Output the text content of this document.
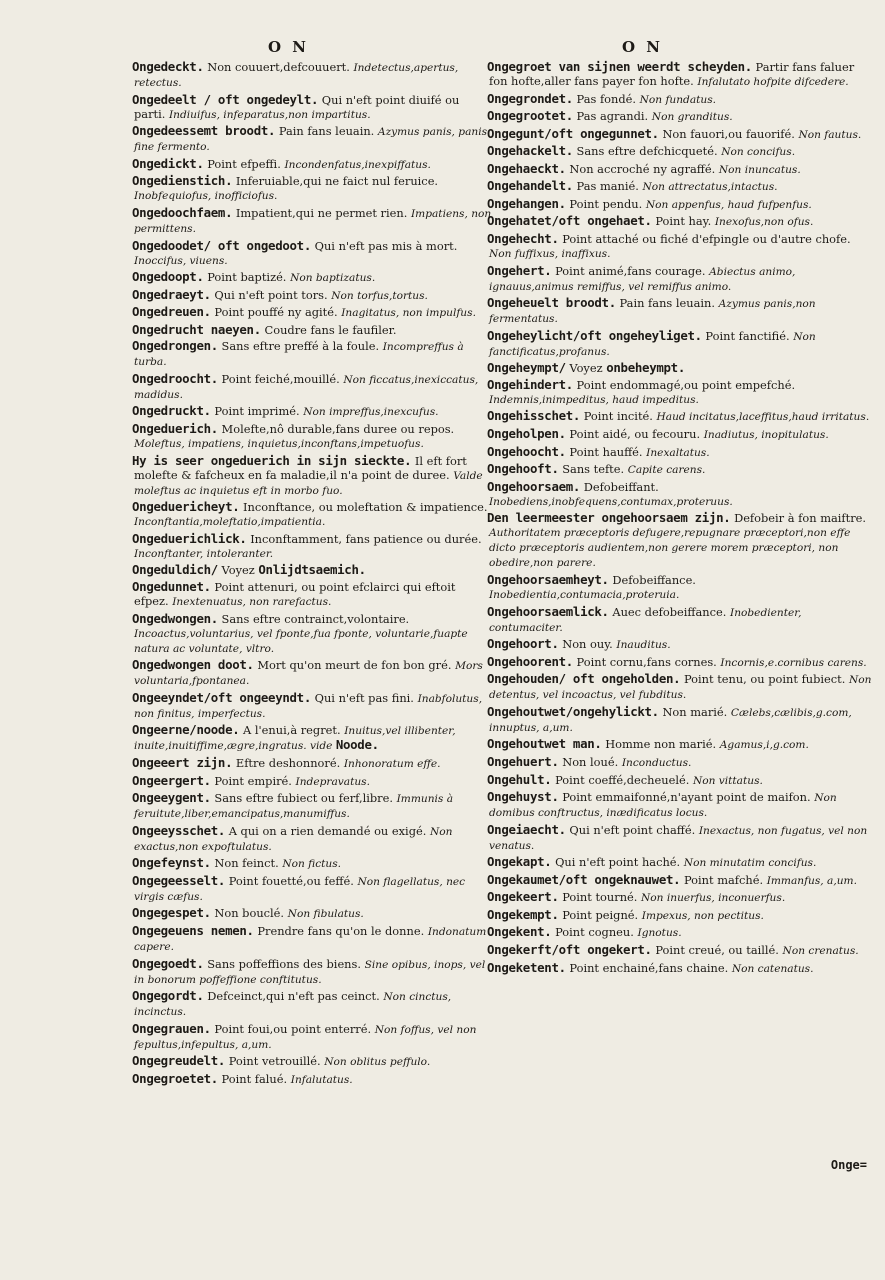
O N	O N

Ongedeckt. Non couuert,defcouuert. Indetectus,apertus, retectus.

Ongedeelt / oft ongedeylt. Qui n'eft point diuifé ou parti. Indiuifus, infeparatus,non impartitus.

Ongedeessemt broodt. Pain fans leuain. Azymus panis, panis fine fermento.

Ongedickt. Point efpeffi. Incondenfatus,inexpiffatus.

Ongedienstich. Inferuiable,qui ne faict nul feruice. Inobfequiofus, inofficiofus.

Ongedoochfaem. Impatient,qui ne permet rien. Impatiens, non permittens.

Ongedoodet/ oft ongedoot. Qui n'eft pas mis à mort. Inoccifus, viuens.

Ongedoopt. Point baptizé. Non baptizatus.

Ongedraeyt. Qui n'eft point tors. Non torfus,tortus.

Ongedreuen. Point pouffé ny agité. Inagitatus, non impulfus.

Ongedrucht naeyen. Coudre fans le faufiler.

Ongedrongen. Sans eftre preffé à la foule. Incompreffus à turba.

Ongedroocht. Point feiché,mouillé. Non ficcatus,inexiccatus, madidus.

Ongedruckt. Point imprimé. Non impreffus,inexcufus.

Ongeduerich. Molefte,nô durable,fans duree ou repos. Moleftus, impatiens, inquietus,inconftans,impetuofus.

Hy is seer ongeduerich in sijn sieckte. Il eft fort molefte & fafcheux en fa maladie,il n'a point de duree. Valde moleftus ac inquietus eft in morbo fuo.

Ongeduericheyt. Inconftance, ou moleftation & impatience. Inconftantia,moleftatio,impatientia.

Ongeduerichlick. Inconftamment, fans patience ou durée. Inconftanter, intoleranter.

Ongeduldich/ Voyez Onlijdtsaemich.

Ongedunnet. Point attenuri, ou point efclairci qui eftoit efpez. Inextenuatus, non rarefactus.

Ongedwongen. Sans eftre contrainct,volontaire. Incoactus,voluntarius, vel fponte,fua fponte, voluntarie,fuapte natura ac voluntate, vltro.

Ongedwongen doot. Mort qu'on meurt de fon bon gré. Mors voluntaria,fpontanea.

Ongeeyndet/oft ongeeyndt. Qui n'eft pas fini. Inabfolutus, non finitus, imperfectus.

Ongeerne/noode. A l'enui,à regret. Inuitus,vel illibenter, inuite,inuitiffime,ægre,ingratus. vide Noode.

Ongeeert zijn. Eftre deshonnoré. Inhonoratum effe.

Ongeergert. Point empiré. Indepravatus.

Ongeeygent. Sans eftre fubiect ou ferf,libre. Immunis à feruitute,liber,emancipatus,manumiffus.

Ongeeysschet. A qui on a rien demandé ou exigé. Non exactus,non expoftulatus.

Ongefeynst. Non feinct. Non fictus.

Ongegeesselt. Point fouetté,ou feffé. Non flagellatus, nec virgis cæfus.

Ongegespet. Non bouclé. Non fibulatus.

Ongegeuens nemen. Prendre fans qu'on le donne. Indonatum capere.

Ongegoedt. Sans poffeffions des biens. Sine opibus, inops, vel in bonorum poffeffione conftitutus.

Ongegordt. Defceinct,qui n'eft pas ceinct. Non cinctus, incinctus.

Ongegrauen. Point foui,ou point enterré. Non foffus, vel non fepultus,infepultus, a,um.

Ongegreudelt. Point vetrouillé. Non oblitus peffulo.

Ongegroetet. Point falué. Infalutatus.

Ongegroet van sijnen weerdt scheyden. Partir fans faluer fon hofte,aller fans payer fon hofte. Infalutato hofpite difcedere.

Ongegrondet. Pas fondé. Non fundatus.

Ongegrootet. Pas agrandi. Non granditus.

Ongegunt/oft ongegunnet. Non fauori,ou fauorifé. Non fautus.

Ongehackelt. Sans eftre defchicqueté. Non concifus.

Ongehaeckt. Non accroché ny agraffé. Non inuncatus.

Ongehandelt. Pas manié. Non attrectatus,intactus.

Ongehangen. Point pendu. Non appenfus, haud fufpenfus.

Ongehatet/oft ongehaet. Point hay. Inexofus,non ofus.

Ongehecht. Point attaché ou fiché d'efpingle ou d'autre chofe. Non fuffixus, inaffixus.

Ongehert. Point animé,fans courage. Abiectus animo, ignauus,animus remiffus, vel remiffus animo.

Ongeheuelt broodt. Pain fans leuain. Azymus panis,non fermentatus.

Ongeheylicht/oft ongeheyliget. Point fanctifié. Non fanctificatus,profanus.

Ongeheympt/ Voyez onbeheympt.

Ongehindert. Point endommagé,ou point empefché. Indemnis,inimpeditus, haud impeditus.

Ongehisschet. Point incité. Haud incitatus,laceffitus,haud irritatus.

Ongeholpen. Point aidé, ou fecouru. Inadiutus, inopitulatus.

Ongehoocht. Point hauffé. Inexaltatus.

Ongehooft. Sans tefte. Capite carens.

Ongehoorsaem. Defobeiffant. Inobediens,inobfequens,contumax,proteruus.

Den leermeester ongehoorsaem zijn. Defobeir à fon maiftre. Authoritatem præceptoris defugere,repugnare præceptori,non effe dicto præceptoris audientem,non gerere morem præceptori, non obedire,non parere.

Ongehoorsaemheyt. Defobeiffance. Inobedientia,contumacia,proteruia.

Ongehoorsaemlick. Auec defobeiffance. Inobedienter, contumaciter.

Ongehoort. Non ouy. Inauditus.

Ongehoorent. Point cornu,fans cornes. Incornis,e.cornibus carens.

Ongehouden/ oft ongeholden. Point tenu, ou point fubiect. Non detentus, vel incoactus, vel fubditus.

Ongehoutwet/ongehylickt. Non marié. Cælebs,cælibis,g.com, innuptus, a,um.

Ongehoutwet man. Homme non marié. Agamus,i,g.com.

Ongehuert. Non loué. Inconductus.

Ongehult. Point coeffé,decheuelé. Non vittatus.

Ongehuyst. Point emmaifonné,n'ayant point de maifon. Non domibus conftructus, inædificatus locus.

Ongeiaecht. Qui n'eft point chaffé. Inexactus, non fugatus, vel non venatus.

Ongekapt. Qui n'eft point haché. Non minutatim concifus.

Ongekaumet/oft ongeknauwet. Point mafché. Immanfus, a,um.

Ongekeert. Point tourné. Non inuerfus, inconuerfus.

Ongekempt. Point peigné. Impexus, non pectitus.

Ongekent. Point cogneu. Ignotus.

Ongekerft/oft ongekert. Point creué, ou taillé. Non crenatus.

Ongeketent. Point enchainé,fans chaine. Non catenatus.

Onge=
